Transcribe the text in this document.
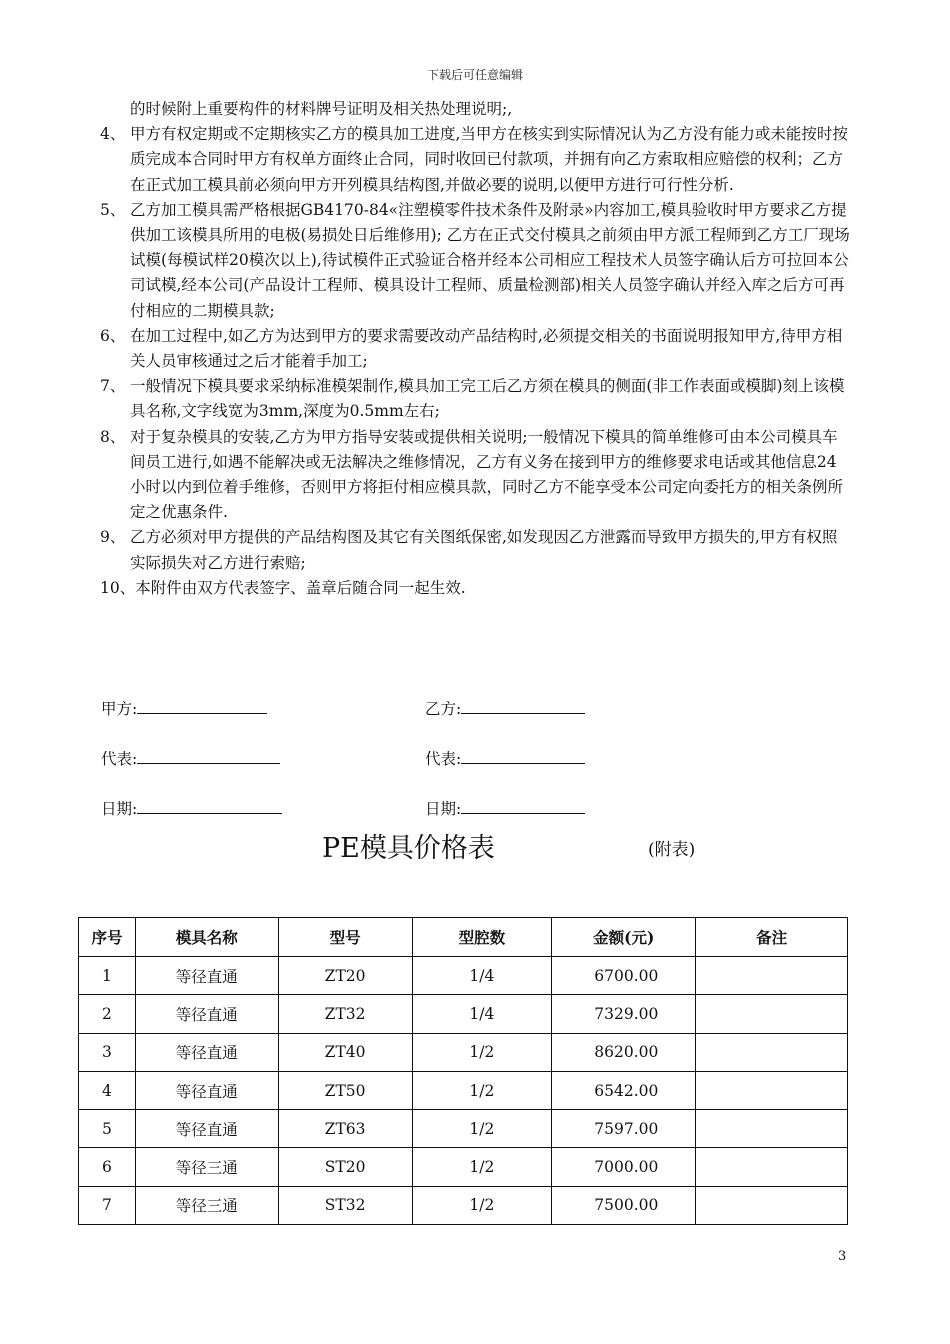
下载后可任意编辑
的时候附上重要构件的材料牌号证明及相关热处理说明;,
4、 甲方有权定期或不定期核实乙方的模具加工进度,当甲方在核实到实际情况认为乙方没有能力或未能按时按质完成本合同时甲方有权单方面终止合同，同时收回已付款项，并拥有向乙方索取相应赔偿的权利；乙方在正式加工模具前必须向甲方开列模具结构图,并做必要的说明,以便甲方进行可行性分析.
5、 乙方加工模具需严格根据GB4170-84«注塑模零件技术条件及附录»内容加工,模具验收时甲方要求乙方提供加工该模具所用的电极(易损处日后维修用); 乙方在正式交付模具之前须由甲方派工程师到乙方工厂现场试模(每模试样20模次以上),待试模件正式验证合格并经本公司相应工程技术人员签字确认后方可拉回本公司试模,经本公司(产品设计工程师、模具设计工程师、质量检测部)相关人员签字确认并经入库之后方可再付相应的二期模具款;
6、 在加工过程中,如乙方为达到甲方的要求需要改动产品结构时,必须提交相关的书面说明报知甲方,待甲方相关人员审核通过之后才能着手加工;
7、 一般情况下模具要求采纳标准模架制作,模具加工完工后乙方须在模具的侧面(非工作表面或模脚)刻上该模具名称,文字线宽为3mm,深度为0.5mm左右;
8、 对于复杂模具的安装,乙方为甲方指导安装或提供相关说明;一般情况下模具的简单维修可由本公司模具车间员工进行,如遇不能解决或无法解决之维修情况，乙方有义务在接到甲方的维修要求电话或其他信息24小时以内到位着手维修，否则甲方将拒付相应模具款，同时乙方不能享受本公司定向委托方的相关条例所定之优惠条件.
9、 乙方必须对甲方提供的产品结构图及其它有关图纸保密,如发现因乙方泄露而导致甲方损失的,甲方有权照实际损失对乙方进行索赔;
10、本附件由双方代表签字、盖章后随合同一起生效.
甲方:	乙方:
代表:	代表:
日期:	日期:
PE模具价格表	(附表)
序号	模具名称	型号	型腔数	金额(元)	备注
1	等径直通	ZT20	1/4	6700.00	
2	等径直通	ZT32	1/4	7329.00	
3	等径直通	ZT40	1/2	8620.00	
4	等径直通	ZT50	1/2	6542.00	
5	等径直通	ZT63	1/2	7597.00	
6	等径三通	ST20	1/2	7000.00	
7	等径三通	ST32	1/2	7500.00	
3
